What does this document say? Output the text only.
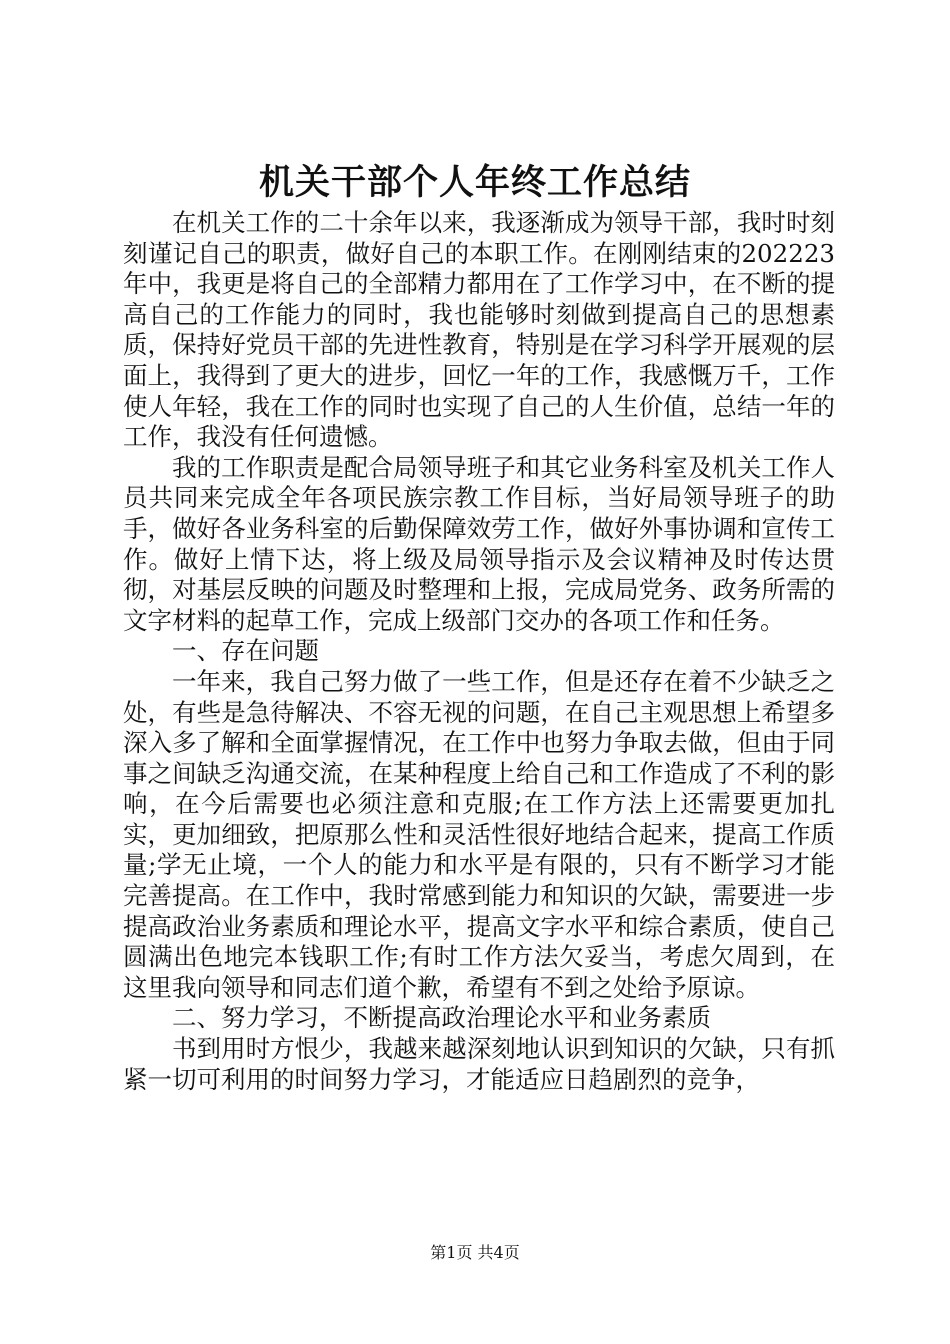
机关干部个人年终工作总结

在机关工作的二十余年以来，我逐渐成为领导干部，我时时刻刻谨记自己的职责，做好自己的本职工作。在刚刚结束的202223年中，我更是将自己的全部精力都用在了工作学习中，在不断的提高自己的工作能力的同时，我也能够时刻做到提高自己的思想素质，保持好党员干部的先进性教育，特别是在学习科学开展观的层面上，我得到了更大的进步，回忆一年的工作，我感慨万千，工作使人年轻，我在工作的同时也实现了自己的人生价值，总结一年的工作，我没有任何遗憾。

我的工作职责是配合局领导班子和其它业务科室及机关工作人员共同来完成全年各项民族宗教工作目标，当好局领导班子的助手，做好各业务科室的后勤保障效劳工作，做好外事协调和宣传工作。做好上情下达，将上级及局领导指示及会议精神及时传达贯彻，对基层反映的问题及时整理和上报，完成局党务、政务所需的文字材料的起草工作，完成上级部门交办的各项工作和任务。

一、存在问题

一年来，我自己努力做了一些工作，但是还存在着不少缺乏之处，有些是急待解决、不容无视的问题，在自己主观思想上希望多深入多了解和全面掌握情况，在工作中也努力争取去做，但由于同事之间缺乏沟通交流，在某种程度上给自己和工作造成了不利的影响，在今后需要也必须注意和克服;在工作方法上还需要更加扎实，更加细致，把原那么性和灵活性很好地结合起来，提高工作质量;学无止境，一个人的能力和水平是有限的，只有不断学习才能完善提高。在工作中，我时常感到能力和知识的欠缺，需要进一步提高政治业务素质和理论水平，提高文字水平和综合素质，使自己圆满出色地完本钱职工作;有时工作方法欠妥当，考虑欠周到，在这里我向领导和同志们道个歉，希望有不到之处给予原谅。

二、努力学习，不断提高政治理论水平和业务素质

书到用时方恨少，我越来越深刻地认识到知识的欠缺，只有抓紧一切可利用的时间努力学习，才能适应日趋剧烈的竞争，

第1页 共4页
